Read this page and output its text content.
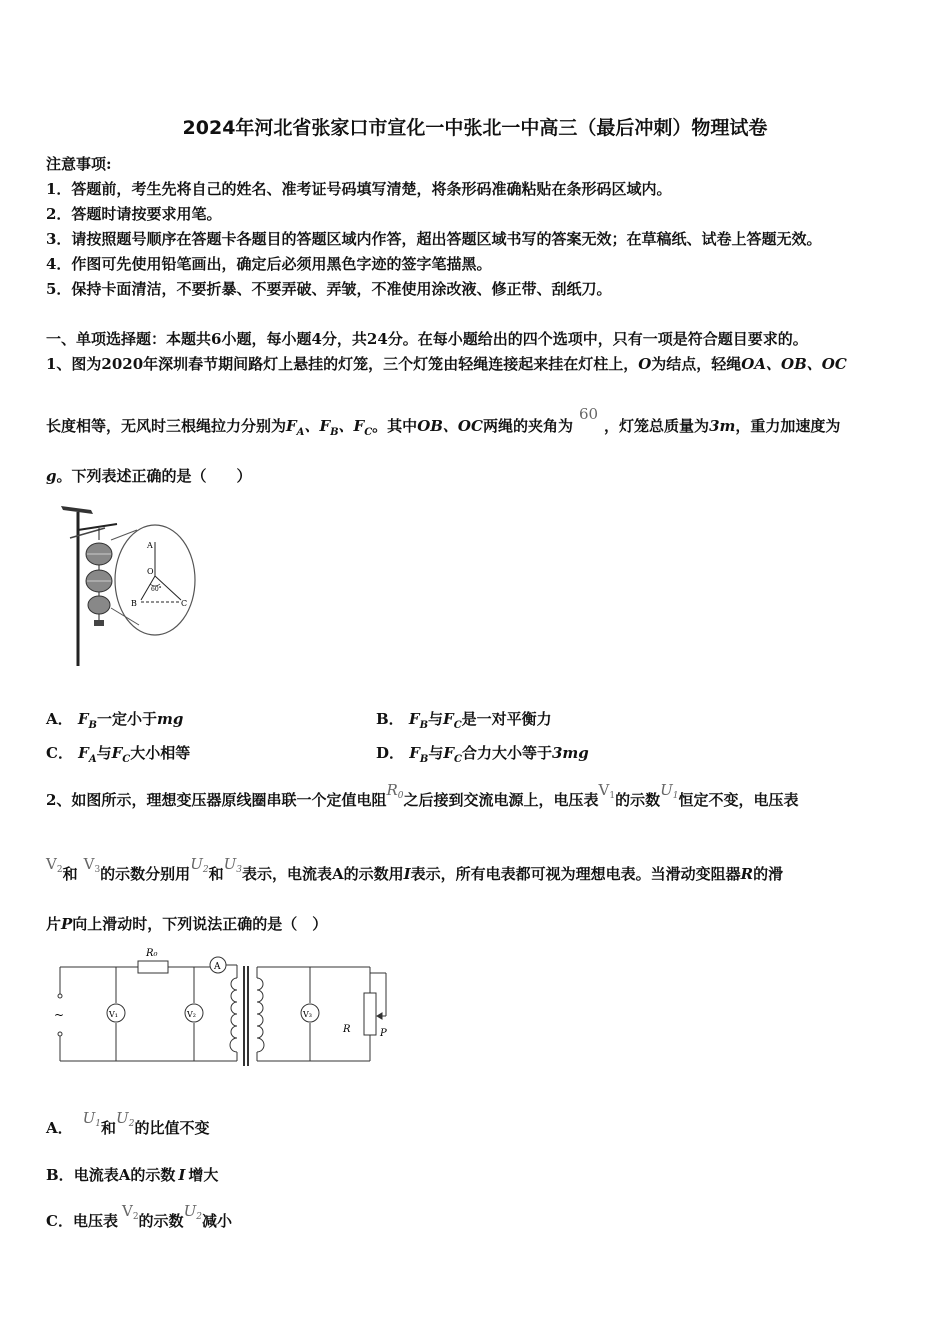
2024年河北省张家口市宣化一中张北一中高三（最后冲刺）物理试卷
注意事项:
1．答题前，考生先将自己的姓名、准考证号码填写清楚，将条形码准确粘贴在条形码区域内。
2．答题时请按要求用笔。
3．请按照题号顺序在答题卡各题目的答题区域内作答，超出答题区域书写的答案无效；在草稿纸、试卷上答题无效。
4．作图可先使用铅笔画出，确定后必须用黑色字迹的签字笔描黑。
5．保持卡面清洁，不要折暴、不要弄破、弄皱，不准使用涂改液、修正带、刮纸刀。
一、单项选择题：本题共6小题，每小题4分，共24分。在每小题给出的四个选项中，只有一项是符合题目要求的。
1、图为2020年深圳春节期间路灯上悬挂的灯笼，三个灯笼由轻绳连接起来挂在灯柱上，O为结点，轻绳OA、OB、OC
长度相等，无风时三根绳拉力分别为$F_A$、$F_B$、$F_C$。其中OB、OC两绳的夹角为60，灯笼总质量为3m，重力加速度为
g。下列表述正确的是（　　）
A
O
60°
B	C
A． $F_B$一定小于mg	B． $F_B$与$F_C$是一对平衡力
C． $F_A$与$F_C$大小相等	D． $F_B$与$F_C$合力大小等于3mg
2、如图所示，理想变压器原线圈串联一个定值电阻$R_0$之后接到交流电源上，电压表$V_1$的示数$U_1$恒定不变，电压表
$V_2$和$V_3$的示数分别用$U_2$和$U_3$表示，电流表A的示数用I表示，所有电表都可视为理想电表。当滑动变阻器R的滑
片P向上滑动时，下列说法正确的是（　）
R₀
A
V₁	V₂	V₃
R	P
~
A．$U_1$和$U_2$的比值不变
B．电流表A的示数 I 增大
C．电压表$V_2$的示数$U_2$减小
